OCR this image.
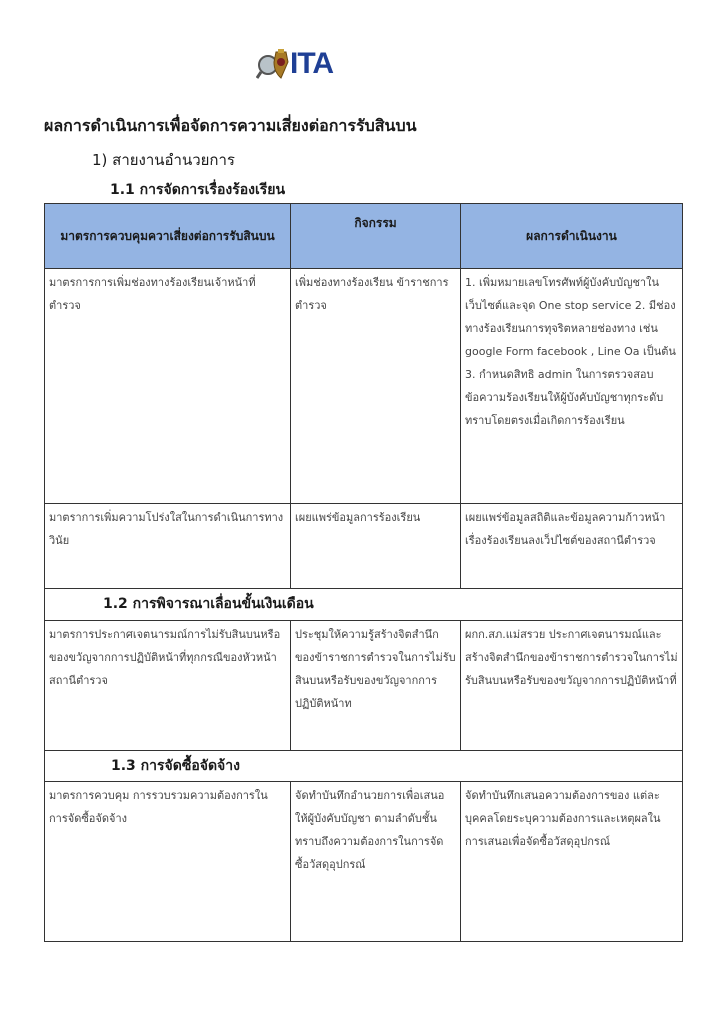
ITA
ผลการดำเนินการเพื่อจัดการความเสี่ยงต่อการรับสินบน
1) สายงานอำนวยการ
1.1 การจัดการเรื่องร้องเรียน
มาตรการควบคุมควาเสี่ยงต่อการรับสินบน	กิจกรรม	ผลการดำเนินงาน
มาตรการการเพิ่มช่องทางร้องเรียนเจ้าหน้าที่ตำรวจ	เพิ่มช่องทางร้องเรียน ข้าราชการตำรวจ	1. เพิ่มหมายเลขโทรศัพท์ผู้บังคับบัญชาในเว็บไซต์และจุด One stop service 2. มีช่องทางร้องเรียนการทุจริตหลายช่องทาง เช่น google Form facebook , Line Oa เป็นต้น 3. กำหนดสิทธิ admin ในการตรวจสอบข้อความร้องเรียนให้ผู้บังคับบัญชาทุกระดับทราบโดยตรงเมื่อเกิดการร้องเรียน
มาตราการเพิ่มความโปร่งใสในการดำเนินการทางวินัย	เผยแพร่ข้อมูลการร้องเรียน	เผยแพร่ข้อมูลสถิติและข้อมูลความก้าวหน้าเรื่องร้องเรียนลงเว็ปไซต์ของสถานีตำรวจ
1.2 การพิจารณาเลื่อนขั้นเงินเดือน		
มาตรการประกาศเจตนารมณ์การไม่รับสินบนหรือของขวัญจากการปฏิบัติหน้าที่ทุกกรณีของหัวหน้าสถานีตำรวจ	ประชุมให้ความรู้สร้างจิตสำนึกของข้าราชการตำรวจในการไม่รับสินบนหรือรับของขวัญจากการปฏิบัติหน้าท	ผกก.สภ.แม่สรวย ประกาศเจตนารมณ์และสร้างจิตสำนึกของข้าราชการตำรวจในการไม่รับสินบนหรือรับของขวัญจากการปฏิบัติหน้าที่
1.3 การจัดซื้อจัดจ้าง		
มาตรการควบคุม การรวบรวมความต้องการในการจัดซื้อจัดจ้าง	จัดทำบันทึกอำนวยการเพื่อเสนอให้ผู้บังคับบัญชา ตามลำดับชั้นทราบถึงความต้องการในการจัดซื้อวัสดุอุปกรณ์	จัดทำบันทึกเสนอความต้องการของ แต่ละบุคคลโดยระบุความต้องการและเหตุผลในการเสนอเพื่อจัดซื้อวัสดุอุปกรณ์
